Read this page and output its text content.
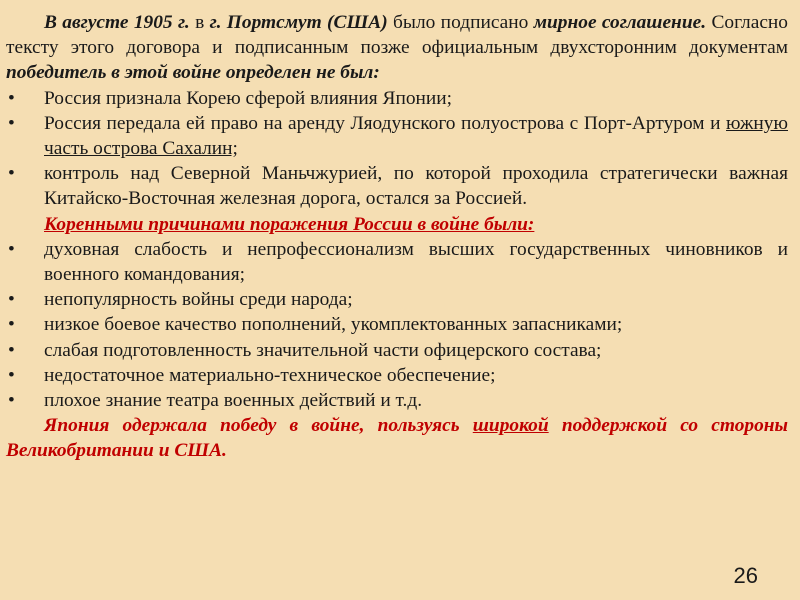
В августе 1905 г. в г. Портсмут (США) было подписано мирное соглашение. Согласно тексту этого договора и подписанным позже официальным двухсторонним документам победитель в этой войне определен не был:

•	Россия признала Корею сферой влияния Японии;
•	Россия передала ей право на аренду Ляодунского полуострова с Порт-Артуром и южную часть острова Сахалин;
•	контроль над Северной Маньчжурией, по которой проходила стратегически важная Китайско-Восточная железная дорога, остался за Россией.

Коренными причинами поражения России в войне были:

•	духовная слабость и непрофессионализм высших государственных чиновников и военного командования;
•	непопулярность войны среди народа;
•	низкое боевое качество пополнений, укомплектованных запасниками;
•	слабая подготовленность значительной части офицерского состава;
•	недостаточное материально-техническое обеспечение;
•	плохое знание театра военных действий и т.д.

Япония одержала победу в войне, пользуясь широкой поддержкой со стороны Великобритании и США.

26
